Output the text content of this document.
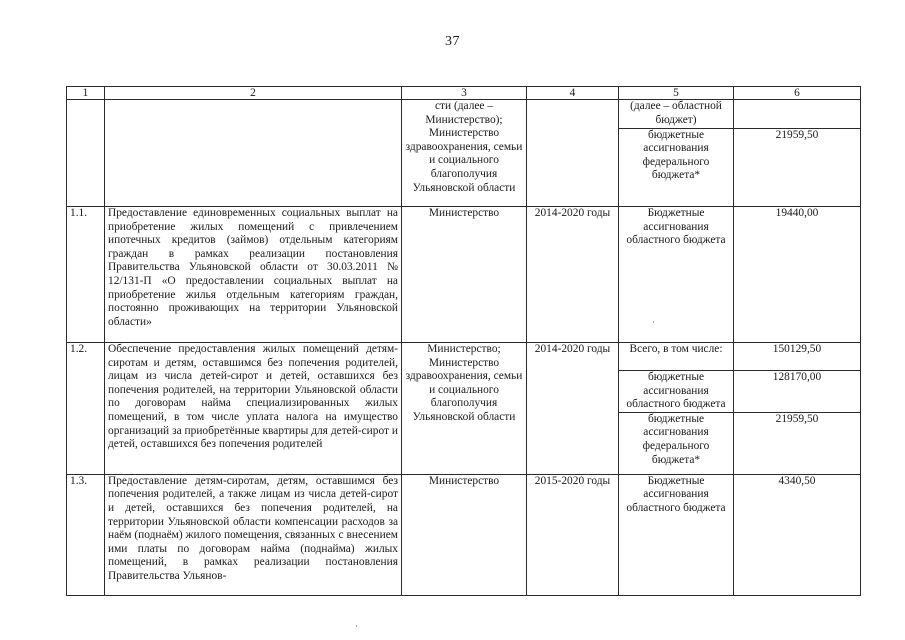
37
1	2	3	4	5	6
		сти (далее – Министерство); Министерство здравоохранения, семьи и социального благополучия Ульяновской области		(далее – областной бюджет)	
				бюджетные ассигнования федерального бюджета*	21959,50
1.1.	Предоставление единовременных социальных выплат на приобретение жилых помещений с привлечением ипотечных кредитов (займов) отдельным категориям граждан в рамках реализации постановления Правительства Ульяновской области от 30.03.2011 № 12/131-П «О предоставлении социальных выплат на приобретение жилья отдельным категориям граждан, постоянно проживающих на территории Ульяновской области»	Министерство	2014-2020 годы	Бюджетные ассигнования областного бюджета	19440,00
1.2.	Обеспечение предоставления жилых помещений детям-сиротам и детям, оставшимся без попечения родителей, лицам из числа детей-сирот и детей, оставшихся без попечения родителей, на территории Ульяновской области по договорам найма специализированных жилых помещений, в том числе уплата налога на имущество организаций за приобретённые квартиры для детей-сирот и детей, оставшихся без попечения родителей	Министерство; Министерство здравоохранения, семьи и социального благополучия Ульяновской области	2014-2020 годы	Всего, в том числе:	150129,50
				бюджетные ассигнования областного бюджета	128170,00
				бюджетные ассигнования федерального бюджета*	21959,50
1.3.	Предоставление детям-сиротам, детям, оставшимся без попечения родителей, а также лицам из числа детей-сирот и детей, оставшихся без попечения родителей, на территории Ульяновской области компенсации расходов за наём (поднаём) жилого помещения, связанных с внесением ими платы по договорам найма (поднайма) жилых помещений, в рамках реализации постановления Правительства Ульянов-	Министерство	2015-2020 годы	Бюджетные ассигнования областного бюджета	4340,50
·
·
